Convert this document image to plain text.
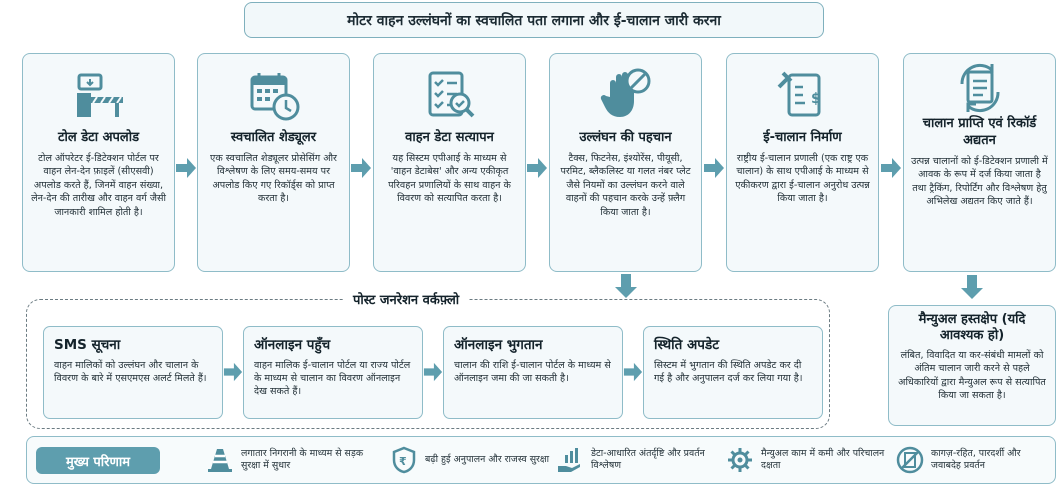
मोटर वाहन उल्लंघनों का स्वचालित पता लगाना और ई-चालान जारी करना
टोल डेटा अपलोड
टोल ऑपरेटर ई-डिटेक्शन पोर्टल पर वाहन लेन-देन फ़ाइलें (सीएसवी) अपलोड करते हैं, जिनमें वाहन संख्या, लेन-देन की तारीख और वाहन वर्ग जैसी जानकारी शामिल होती है।
स्वचालित शेड्यूलर
एक स्वचालित शेड्यूलर प्रोसेसिंग और विश्लेषण के लिए समय-समय पर अपलोड किए गए रिकॉर्ड्स को प्राप्त करता है।
वाहन डेटा सत्यापन
यह सिस्टम एपीआई के माध्यम से 'वाहन डेटाबेस' और अन्य एकीकृत परिवहन प्रणालियों के साथ वाहन के विवरण को सत्यापित करता है।
उल्लंघन की पहचान
टैक्स, फिटनेस, इंश्योरेंस, पीयूसी, परमिट, ब्लैकलिस्ट या गलत नंबर प्लेट जैसे नियमों का उल्लंघन करने वाले वाहनों की पहचान करके उन्हें फ़्लैग किया जाता है।
$
ई-चालान निर्माण
राष्ट्रीय ई-चालान प्रणाली (एक राष्ट्र एक चालान) के साथ एपीआई के माध्यम से एकीकरण द्वारा ई-चालान अनुरोध उत्पन्न किया जाता है।
चालान प्राप्ति एवं रिकॉर्ड अद्यतन
उत्पन्न चालानों को ई-डिटेक्शन प्रणाली में आवक के रूप में दर्ज किया जाता है तथा ट्रैकिंग, रिपोर्टिंग और विश्लेषण हेतु अभिलेख अद्यतन किए जाते हैं।
पोस्ट जनरेशन वर्कफ़्लो
SMS सूचना
वाहन मालिकों को उल्लंघन और चालान के विवरण के बारे में एसएमएस अलर्ट मिलते हैं।
ऑनलाइन पहुँच
वाहन मालिक ई-चालान पोर्टल या राज्य पोर्टल के माध्यम से चालान का विवरण ऑनलाइन देख सकते हैं।
ऑनलाइन भुगतान
चालान की राशि ई-चालान पोर्टल के माध्यम से ऑनलाइन जमा की जा सकती है।
स्थिति अपडेट
सिस्टम में भुगतान की स्थिति अपडेट कर दी गई है और अनुपालन दर्ज कर लिया गया है।
मैन्युअल हस्तक्षेप (यदि आवश्यक हो)
लंबित, विवादित या कर-संबंधी मामलों को अंतिम चालान जारी करने से पहले अधिकारियों द्वारा मैन्युअल रूप से सत्यापित किया जा सकता है।
मुख्य परिणाम
लगातार निगरानी के माध्यम से सड़क सुरक्षा में सुधार	₹ बढ़ी हुई अनुपालन और राजस्व सुरक्षा
डेटा-आधारित अंतर्दृष्टि और प्रवर्तन विश्लेषण
मैन्युअल काम में कमी और परिचालन दक्षता
कागज़-रहित, पारदर्शी और जवाबदेह प्रवर्तन
